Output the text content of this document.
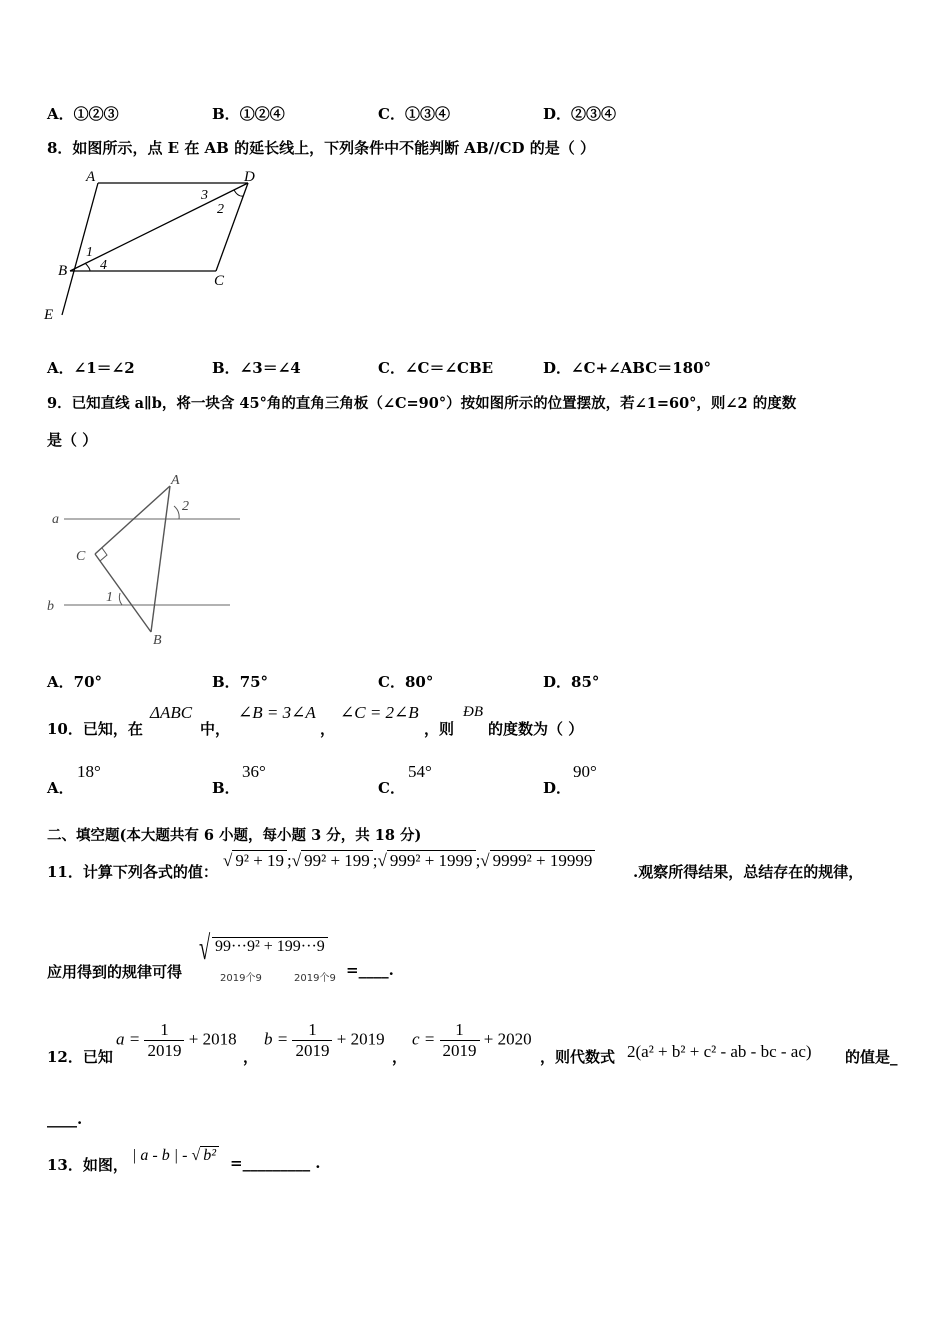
A．①②③	B．①②④	C．①③④	D．②③④
8．如图所示，点 E 在 AB 的延长线上，下列条件中不能判断 AB//CD 的是（ ）
A	D
B
C
E
1
2
3
4
A．∠1＝∠2	B．∠3＝∠4	C．∠C＝∠CBE	D．∠C+∠ABC＝180°
9．已知直线 a∥b，将一块含 45°角的直角三角板（∠C=90°）按如图所示的位置摆放，若∠1=60°，则∠2 的度数
是（ ）
A
C
B
a
b
1
2
A．70°	B．75°	C．80°	D．85°
10．已知，在
ΔABC
中，
∠B = 3∠A
，
∠C = 2∠B
，则
ÐB
的度数为（ ）
A．
18°
B．
36°
C．
54°
D．
90°
二、填空题(本大题共有 6 小题，每小题 3 分，共 18 分)
11．计算下列各式的值：
√ 9² + 19 ;√ 99² + 199 ;√ 999² + 1999 ;√ 9999² + 19999
.观察所得结果，总结存在的规律，
应用得到的规律可得
√ 99···9² + 199···9
2019个9	2019个9 =____.
12．已知
$a = \frac{1}{2019} + 2018$
，
$b = \frac{1}{2019} + 2019$
，
$c = \frac{1}{2019} + 2020$
，则代数式 2(a² + b² + c² - ab - bc - ac) 的值是_
____.
13．如图，
| a - b | - √ b² =_________ .
